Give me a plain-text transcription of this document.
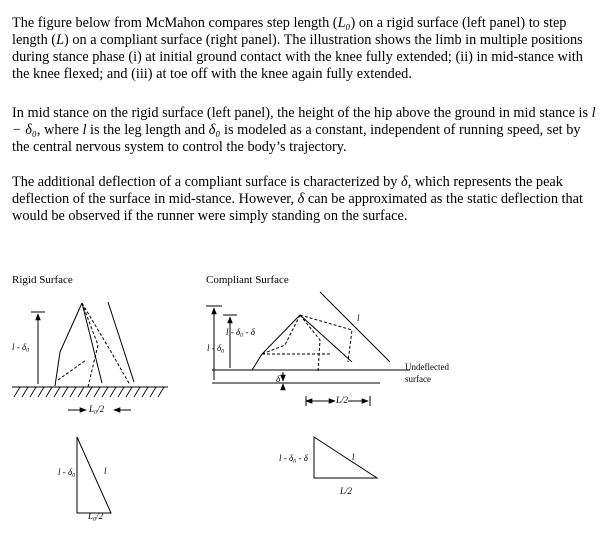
The figure below from McMahon compares step length (L₀) on a rigid surface (left panel) to step length (L) on a compliant surface (right panel). The illustration shows the limb in multiple positions during stance phase (i) at initial ground contact with the knee fully extended; (ii) in mid-stance with the knee flexed; and (iii) at toe off with the knee again fully extended.

In mid stance on the rigid surface (left panel), the height of the hip above the ground in mid stance is l − δ₀, where l is the leg length and δ₀ is modeled as a constant, independent of running speed, set by the central nervous system to control the body’s trajectory.

The additional deflection of a compliant surface is characterized by δ, which represents the peak deflection of the surface in mid-stance. However, δ can be approximated as the static deflection that would be observed if the runner were simply standing on the surface.

Rigid Surface	Compliant Surface
l - δ₀
L₀/2
l - δ₀	l
L₀/2
l - δ₀
l - δ₀ - δ
l
δ
L/2
Undeflected
surface
l - δ₀ - δ	l
L/2
